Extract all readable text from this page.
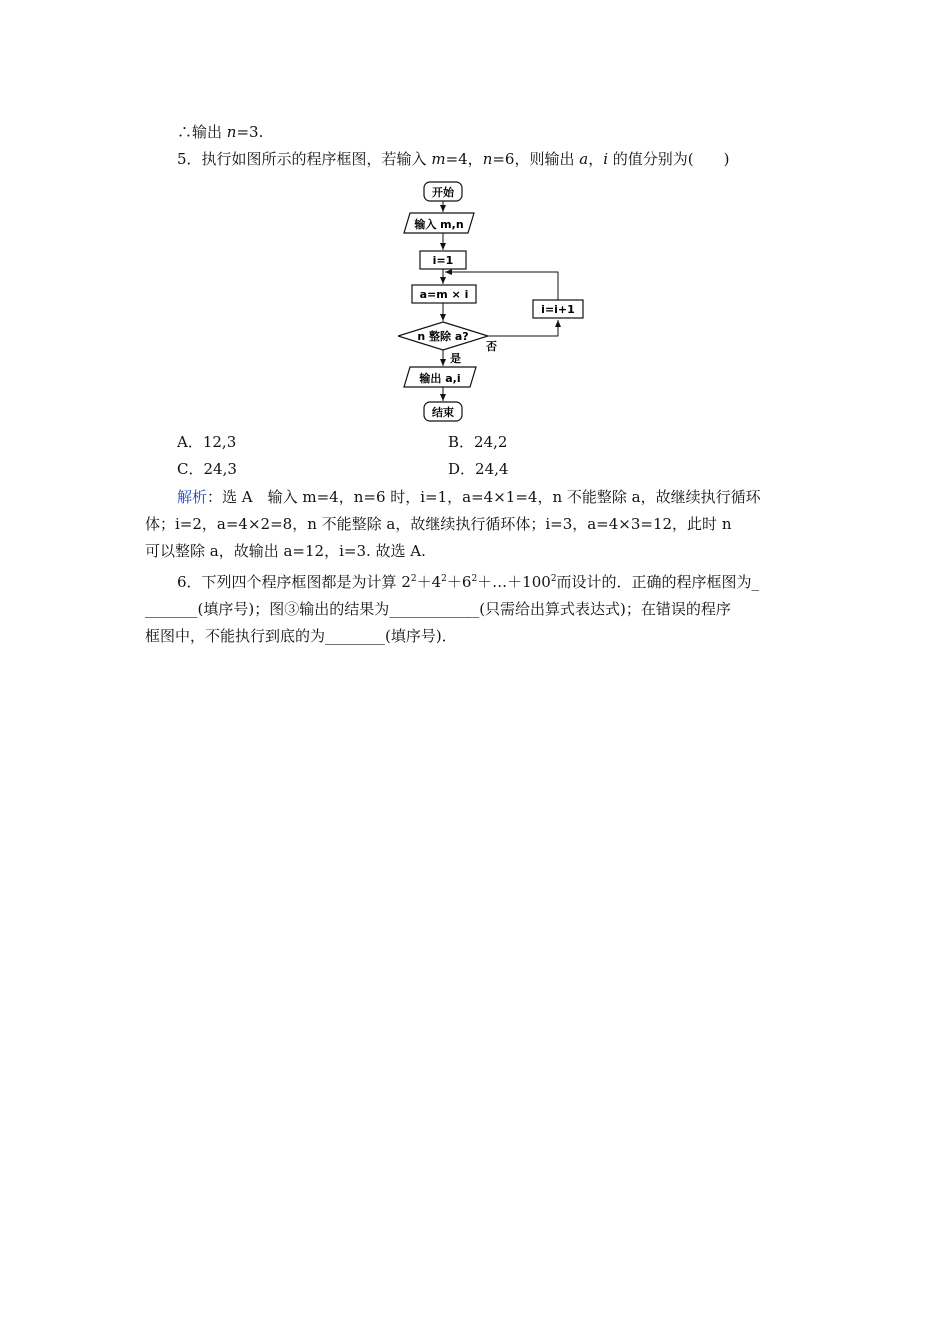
∴输出 n=3.
5．执行如图所示的程序框图，若输入 m=4，n=6，则输出 a，i 的值分别为(　　)
开始
输入 m,n
i=1
a=m × i
n 整除 a?
否
i=i+1
是
输出 a,i
结束
A．12,3	B．24,2
C．24,3	D．24,4
解析：选 A　输入 m=4，n=6 时，i=1，a=4×1=4，n 不能整除 a，故继续执行循环
体；i=2，a=4×2=8，n 不能整除 a，故继续执行循环体；i=3，a=4×3=12，此时 n
可以整除 a，故输出 a=12，i=3. 故选 A.
6．下列四个程序框图都是为计算 $2^2+4^2+6^2+\dots+100^2$而设计的．正确的程序框图为_
_______(填序号)；图③输出的结果为____________(只需给出算式表达式)；在错误的程序
框图中，不能执行到底的为________(填序号)．
